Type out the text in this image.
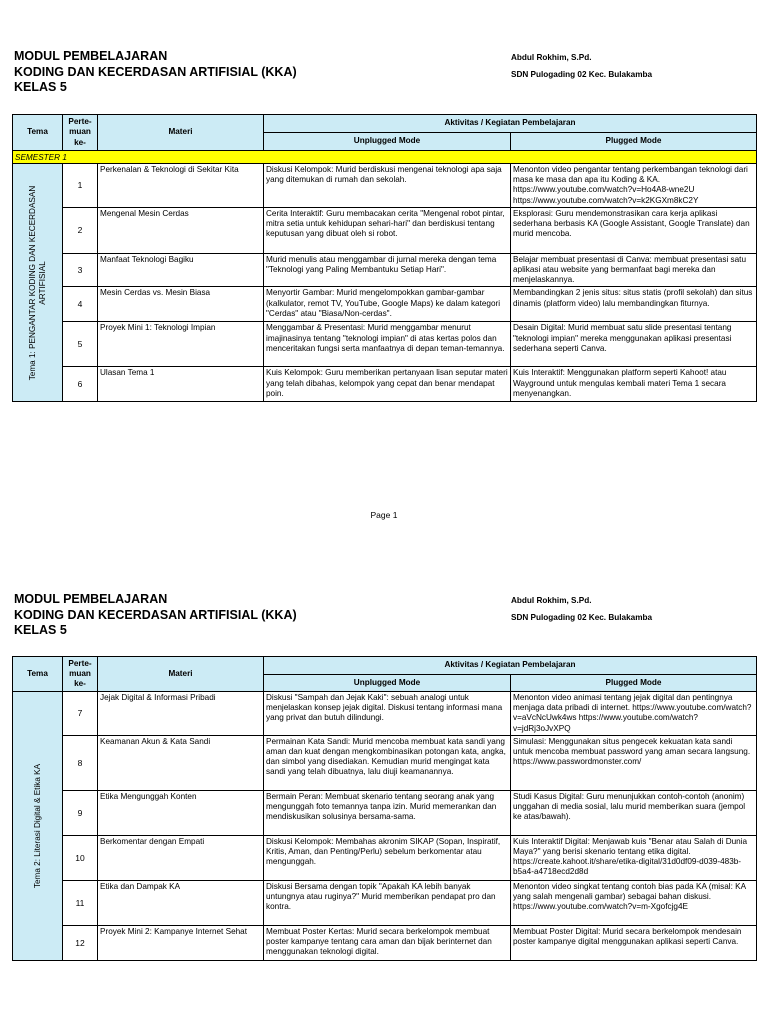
MODUL PEMBELAJARAN
KODING DAN KECERDASAN ARTIFISIAL (KKA)
KELAS 5
Abdul Rokhim, S.Pd.
SDN Pulogading 02 Kec. Bulakamba
Tema	Perte-muan ke-	Materi	Aktivitas / Kegiatan Pembelajaran	
			Unplugged Mode	Plugged Mode
SEMESTER 1				

Tema 1: PENGANTAR KODING DAN KECERDASAN ARTIFISIAL	1	Perkenalan & Teknologi di Sekitar Kita	Diskusi Kelompok: Murid berdiskusi mengenai teknologi apa saja yang ditemukan di rumah dan sekolah.	Menonton video pengantar tentang perkembangan teknologi dari masa ke masa dan apa itu Koding & KA. https://www.youtube.com/watch?v=Ho4A8-wne2U https://www.youtube.com/watch?v=k2KGXm8kC2Y
	2	Mengenal Mesin Cerdas	Cerita Interaktif: Guru membacakan cerita "Mengenal robot pintar, mitra setia untuk kehidupan sehari-hari" dan berdiskusi tentang keputusan yang dibuat oleh si robot.	Eksplorasi: Guru mendemonstrasikan cara kerja aplikasi sederhana berbasis KA (Google Assistant, Google Translate) dan murid mencoba.
	3	Manfaat Teknologi Bagiku	Murid menulis atau menggambar di jurnal mereka dengan tema "Teknologi yang Paling Membantuku Setiap Hari".	Belajar membuat presentasi di Canva: membuat presentasi satu aplikasi atau website yang bermanfaat bagi mereka dan menjelaskannya.
	4	Mesin Cerdas vs. Mesin Biasa	Menyortir Gambar: Murid mengelompokkan gambar-gambar (kalkulator, remot TV, YouTube, Google Maps) ke dalam kategori "Cerdas" atau "Biasa/Non-cerdas".	Membandingkan 2 jenis situs: situs statis (profil sekolah) dan situs dinamis (platform video) lalu membandingkan fiturnya.
	5	Proyek Mini 1: Teknologi Impian	Menggambar & Presentasi: Murid menggambar menurut imajinasinya tentang "teknologi impian" di atas kertas polos dan menceritakan fungsi serta manfaatnya di depan teman-temannya.	Desain Digital: Murid membuat satu slide presentasi tentang "teknologi impian" mereka menggunakan aplikasi presentasi sederhana seperti Canva.
	6	Ulasan Tema 1	Kuis Kelompok: Guru memberikan pertanyaan lisan seputar materi yang telah dibahas, kelompok yang cepat dan benar mendapat poin.	Kuis Interaktif: Menggunakan platform seperti Kahoot! atau Wayground untuk mengulas kembali materi Tema 1 secara menyenangkan.
Page 1
MODUL PEMBELAJARAN
KODING DAN KECERDASAN ARTIFISIAL (KKA)
KELAS 5
Abdul Rokhim, S.Pd.
SDN Pulogading 02 Kec. Bulakamba
Tema	Perte-muan ke-	Materi	Aktivitas / Kegiatan Pembelajaran	
			Unplugged Mode	Plugged Mode

Tema 2: Literasi Digital & Etika KA	7	Jejak Digital & Informasi Pribadi	Diskusi "Sampah dan Jejak Kaki": sebuah analogi untuk menjelaskan konsep jejak digital. Diskusi tentang informasi mana yang privat dan butuh dilindungi.	Menonton video animasi tentang jejak digital dan pentingnya menjaga data pribadi di internet. https://www.youtube.com/watch?v=aVcNcUwk4ws https://www.youtube.com/watch?v=jdRj3oJvXPQ
	8	Keamanan Akun & Kata Sandi	Permainan Kata Sandi: Murid mencoba membuat kata sandi yang aman dan kuat dengan mengkombinasikan potongan kata, angka, dan simbol yang disediakan. Kemudian murid mengingat kata sandi yang telah dibuatnya, lalu diuji keamanannya.	Simulasi: Menggunakan situs pengecek kekuatan kata sandi untuk mencoba membuat password yang aman secara langsung. https://www.passwordmonster.com/
	9	Etika Mengunggah Konten	Bermain Peran: Membuat skenario tentang seorang anak yang mengunggah foto temannya tanpa izin. Murid memerankan dan mendiskusikan solusinya bersama-sama.	Studi Kasus Digital: Guru menunjukkan contoh-contoh (anonim) unggahan di media sosial, lalu murid memberikan suara (jempol ke atas/bawah).
	10	Berkomentar dengan Empati	Diskusi Kelompok: Membahas akronim SIKAP (Sopan, Inspiratif, Kritis, Aman, dan Penting/Perlu) sebelum berkomentar atau mengunggah.	Kuis Interaktif Digital: Menjawab kuis "Benar atau Salah di Dunia Maya?" yang berisi skenario tentang etika digital. https://create.kahoot.it/share/etika-digital/31d0df09-d039-483b-b5a4-a4718ecd2d8d
	11	Etika dan Dampak KA	Diskusi Bersama dengan topik "Apakah KA lebih banyak untungnya atau ruginya?" Murid memberikan pendapat pro dan kontra.	Menonton video singkat tentang contoh bias pada KA (misal: KA yang salah mengenali gambar) sebagai bahan diskusi. https://www.youtube.com/watch?v=m-Xgofcjg4E
	12	Proyek Mini 2: Kampanye Internet Sehat	Membuat Poster Kertas: Murid secara berkelompok membuat poster kampanye tentang cara aman dan bijak berinternet dan menggunakan teknologi digital.	Membuat Poster Digital: Murid secara berkelompok mendesain poster kampanye digital menggunakan aplikasi seperti Canva.
